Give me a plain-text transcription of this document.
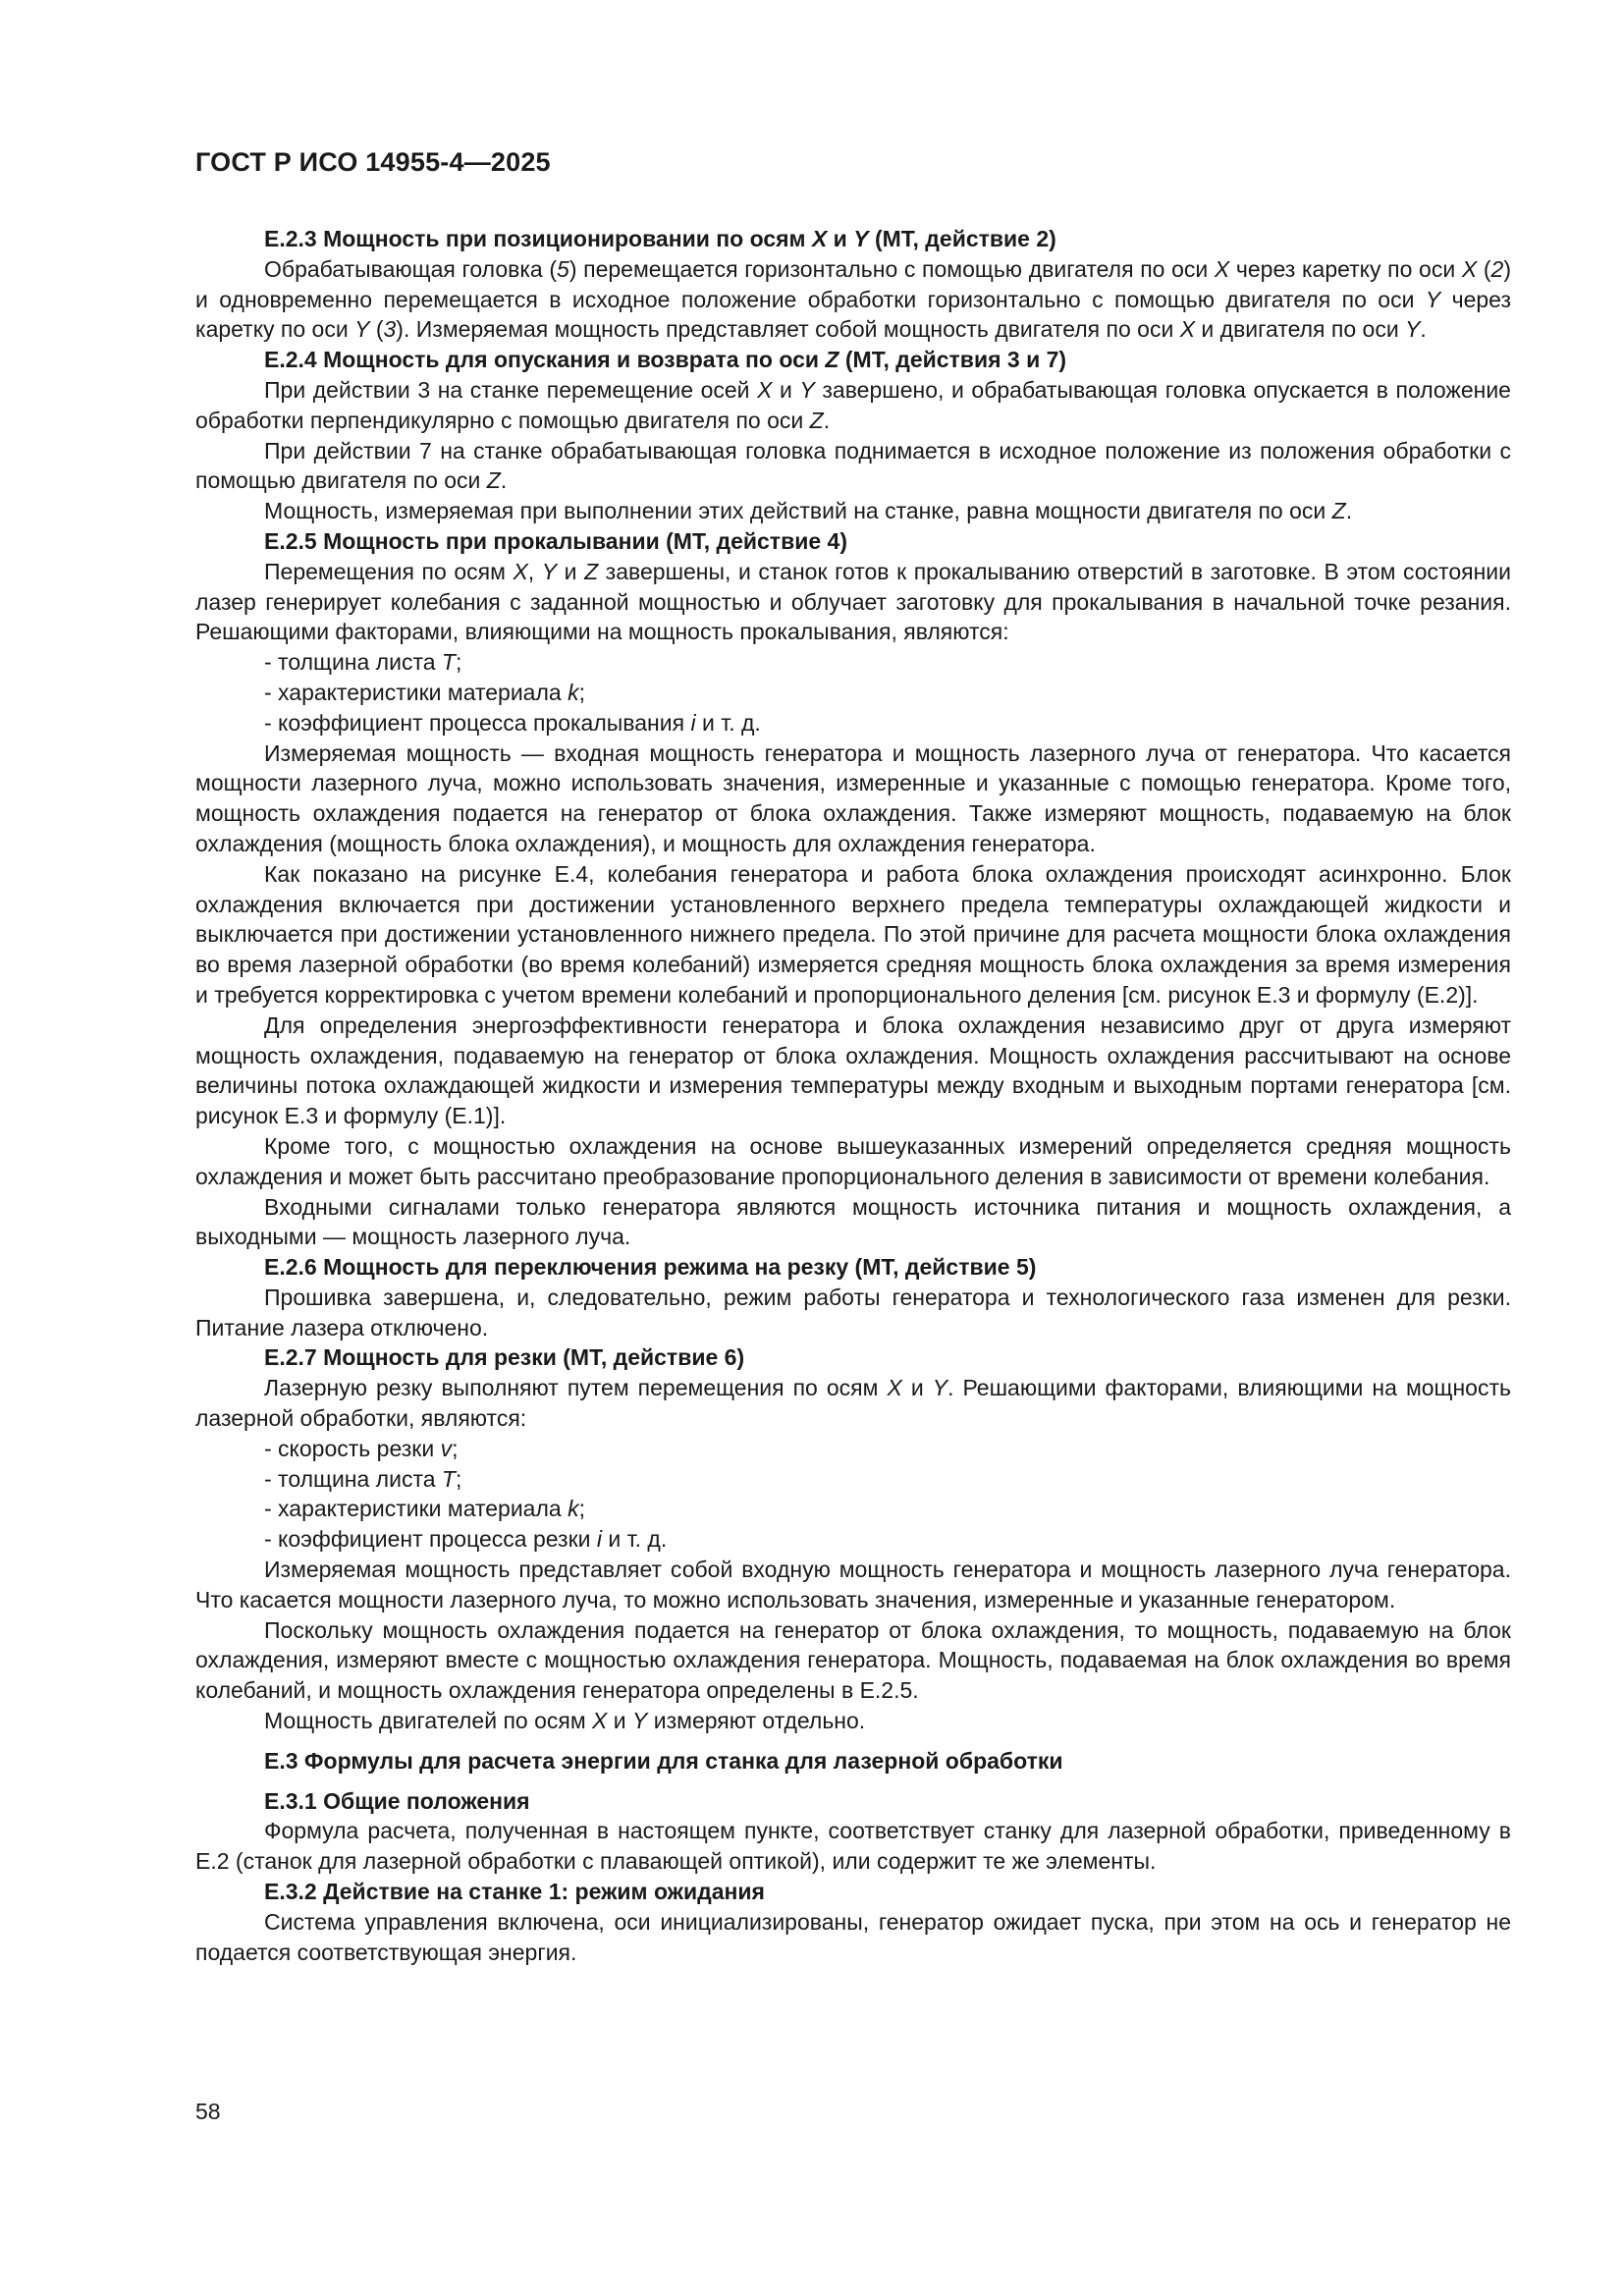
ГОСТ Р ИСО 14955-4—2025

E.2.3 Мощность при позиционировании по осям X и Y (МТ, действие 2)

Обрабатывающая головка (5) перемещается горизонтально с помощью двигателя по оси X через каретку по оси X (2) и одновременно перемещается в исходное положение обработки горизонтально с помощью двигателя по оси Y через каретку по оси Y (3). Измеряемая мощность представляет собой мощность двигателя по оси X и двигателя по оси Y.

E.2.4 Мощность для опускания и возврата по оси Z (МТ, действия 3 и 7)

При действии 3 на станке перемещение осей X и Y завершено, и обрабатывающая головка опускается в положение обработки перпендикулярно с помощью двигателя по оси Z.

При действии 7 на станке обрабатывающая головка поднимается в исходное положение из положения обработки с помощью двигателя по оси Z.

Мощность, измеряемая при выполнении этих действий на станке, равна мощности двигателя по оси Z.

E.2.5 Мощность при прокалывании (МТ, действие 4)

Перемещения по осям X, Y и Z завершены, и станок готов к прокалыванию отверстий в заготовке. В этом состоянии лазер генерирует колебания с заданной мощностью и облучает заготовку для прокалывания в начальной точке резания. Решающими факторами, влияющими на мощность прокалывания, являются:

- толщина листа T;

- характеристики материала k;

- коэффициент процесса прокалывания i и т. д.

Измеряемая мощность — входная мощность генератора и мощность лазерного луча от генератора. Что касается мощности лазерного луча, можно использовать значения, измеренные и указанные с помощью генератора. Кроме того, мощность охлаждения подается на генератор от блока охлаждения. Также измеряют мощность, подаваемую на блок охлаждения (мощность блока охлаждения), и мощность для охлаждения генератора.

Как показано на рисунке Е.4, колебания генератора и работа блока охлаждения происходят асинхронно. Блок охлаждения включается при достижении установленного верхнего предела температуры охлаждающей жидкости и выключается при достижении установленного нижнего предела. По этой причине для расчета мощности блока охлаждения во время лазерной обработки (во время колебаний) измеряется средняя мощность блока охлаждения за время измерения и требуется корректировка с учетом времени колебаний и пропорционального деления [см. рисунок Е.3 и формулу (Е.2)].

Для определения энергоэффективности генератора и блока охлаждения независимо друг от друга измеряют мощность охлаждения, подаваемую на генератор от блока охлаждения. Мощность охлаждения рассчитывают на основе величины потока охлаждающей жидкости и измерения температуры между входным и выходным портами генератора [см. рисунок Е.3 и формулу (Е.1)].

Кроме того, с мощностью охлаждения на основе вышеуказанных измерений определяется средняя мощность охлаждения и может быть рассчитано преобразование пропорционального деления в зависимости от времени колебания.

Входными сигналами только генератора являются мощность источника питания и мощность охлаждения, а выходными — мощность лазерного луча.

E.2.6 Мощность для переключения режима на резку (МТ, действие 5)

Прошивка завершена, и, следовательно, режим работы генератора и технологического газа изменен для резки. Питание лазера отключено.

E.2.7 Мощность для резки (МТ, действие 6)

Лазерную резку выполняют путем перемещения по осям X и Y. Решающими факторами, влияющими на мощность лазерной обработки, являются:

- скорость резки v;

- толщина листа T;

- характеристики материала k;

- коэффициент процесса резки i и т. д.

Измеряемая мощность представляет собой входную мощность генератора и мощность лазерного луча генератора. Что касается мощности лазерного луча, то можно использовать значения, измеренные и указанные генератором.

Поскольку мощность охлаждения подается на генератор от блока охлаждения, то мощность, подаваемую на блок охлаждения, измеряют вместе с мощностью охлаждения генератора. Мощность, подаваемая на блок охлаждения во время колебаний, и мощность охлаждения генератора определены в Е.2.5.

Мощность двигателей по осям X и Y измеряют отдельно.

E.3 Формулы для расчета энергии для станка для лазерной обработки

E.3.1 Общие положения

Формула расчета, полученная в настоящем пункте, соответствует станку для лазерной обработки, приведенному в Е.2 (станок для лазерной обработки с плавающей оптикой), или содержит те же элементы.

E.3.2 Действие на станке 1: режим ожидания

Система управления включена, оси инициализированы, генератор ожидает пуска, при этом на ось и генератор не подается соответствующая энергия.

58
